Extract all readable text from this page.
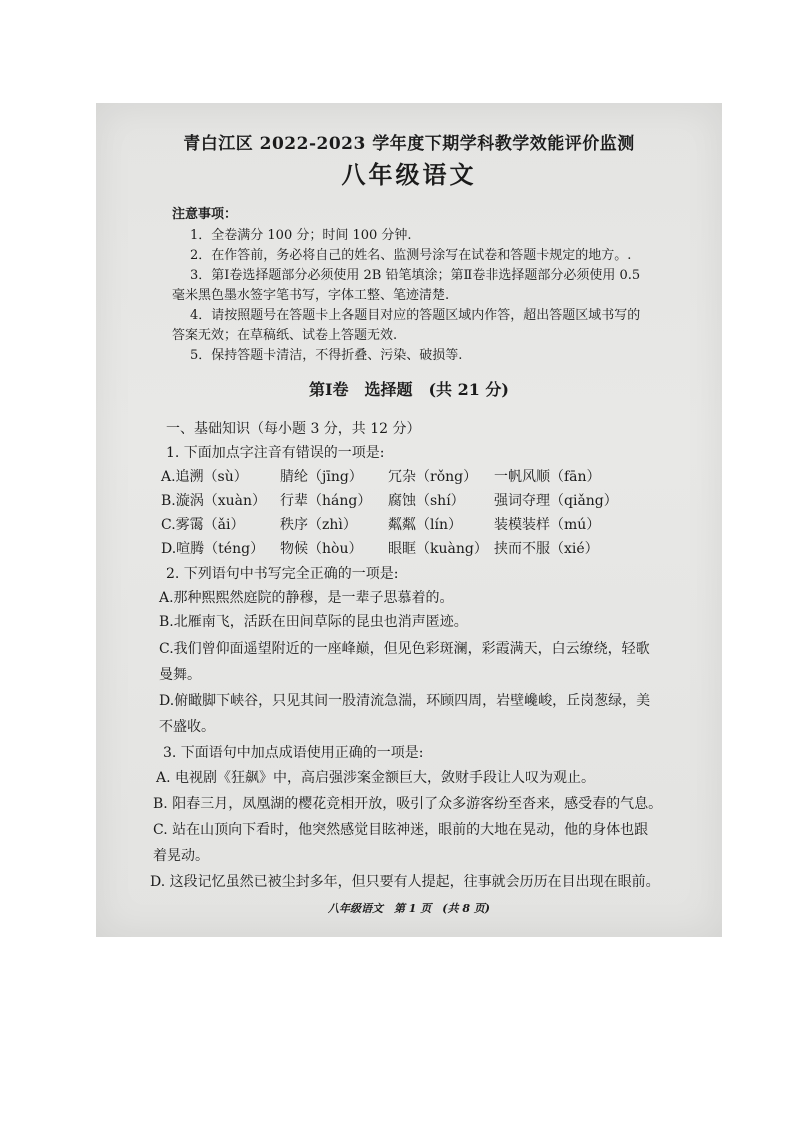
青白江区 2022-2023 学年度下期学科教学效能评价监测
八年级语文
注意事项：
1．全卷满分 100 分；时间 100 分钟.
2．在作答前，务必将自己的姓名、监测号涂写在试卷和答题卡规定的地方。.
3．第Ⅰ卷选择题部分必须使用 2B 铅笔填涂；第Ⅱ卷非选择题部分必须使用 0.5
毫米黑色墨水签字笔书写，字体工整、笔迹清楚.
4．请按照题号在答题卡上各题目对应的答题区域内作答，超出答题区域书写的
答案无效；在草稿纸、试卷上答题无效.
5．保持答题卡清洁，不得折叠、污染、破损等.
第Ⅰ卷　选择题　(共 21 分)
一、基础知识（每小题 3 分，共 12 分）
1. 下面加点字注音有错误的一项是:
A.追溯（sù） 腈纶（jīng） 冗杂（rǒng） 一帆风顺（fān）
B.漩涡（xuàn） 行辈（háng） 腐蚀（shí） 强词夺理（qiǎng）
C.雾霭（ǎi）	秩序（zhì） 粼粼（lín） 装模装样（mú）
D.喧腾（téng） 物候（hòu） 眼眶（kuàng） 挟而不服（xié）
2. 下列语句中书写完全正确的一项是:
A.那种熙熙然庭院的静穆，是一辈子思慕着的。
B.北雁南飞，活跃在田间草际的昆虫也消声匿迹。
C.我们曾仰面遥望附近的一座峰巅，但见色彩斑澜，彩霞满天，白云缭绕，轻歌
曼舞。
D.俯瞰脚下峡谷，只见其间一股清流急湍，环顾四周，岩壁巉峻，丘岗葱绿，美
不盛收。
3. 下面语句中加点成语使用正确的一项是:
A. 电视剧《狂飙》中，高启强涉案金额巨大，敛财手段让人叹为观止。
B. 阳春三月，凤凰湖的樱花竞相开放，吸引了众多游客纷至沓来，感受春的气息。
C. 站在山顶向下看时，他突然感觉目眩神迷，眼前的大地在晃动，他的身体也跟
着晃动。
D. 这段记忆虽然已被尘封多年，但只要有人提起，往事就会历历在目出现在眼前。
八年级语文　第 1 页　(共 8 页)
